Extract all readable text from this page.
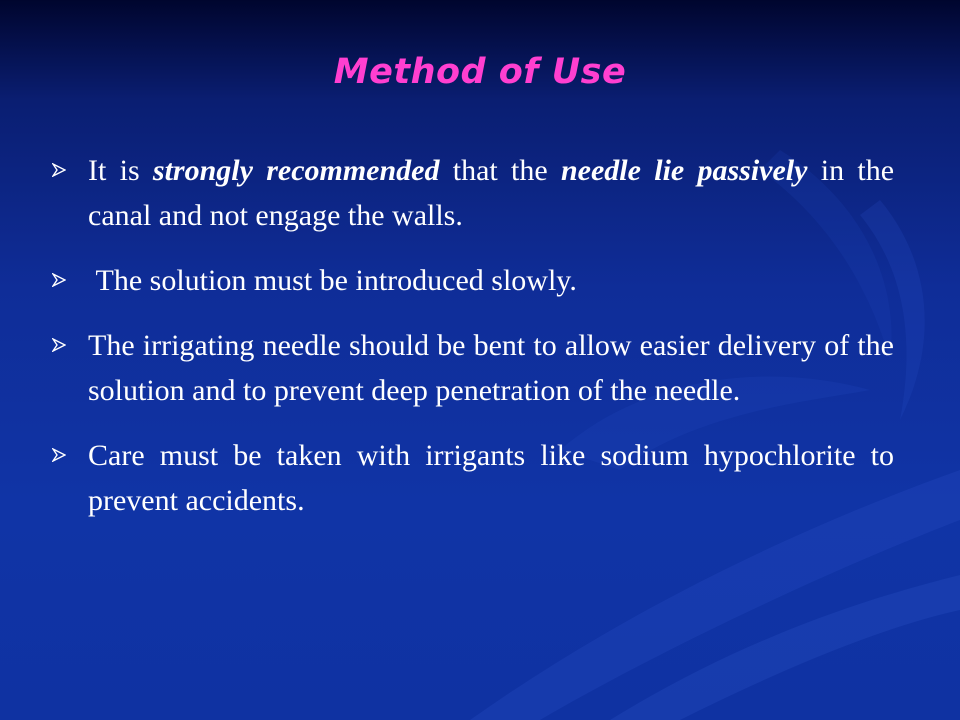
Method of Use
It is strongly recommended that the needle lie passively in the canal and not engage the walls.
The solution must be introduced slowly.
The irrigating needle should be bent to allow easier delivery of the solution and to prevent deep penetration of the needle.
Care must be taken with irrigants like sodium hypochlorite to prevent accidents.
